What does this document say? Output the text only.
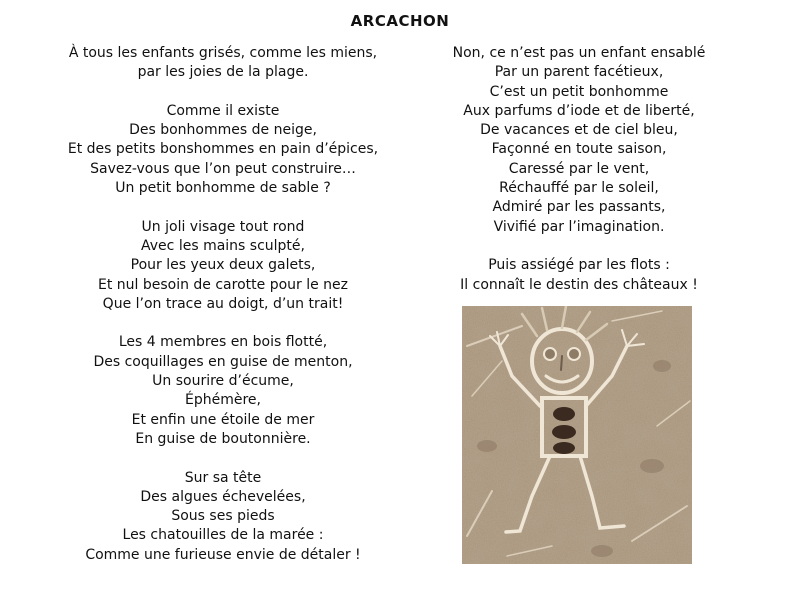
ARCACHON
À tous les enfants grisés, comme les miens,
par les joies de la plage.
Comme il existe
Des bonhommes de neige,
Et des petits bonshommes en pain d’épices,
Savez-vous que l’on peut construire…
Un petit bonhomme de sable ?
Un joli visage tout rond
Avec les mains sculpté,
Pour les yeux deux galets,
Et nul besoin de carotte pour le nez
Que l’on trace au doigt, d’un trait!
Les 4 membres en bois flotté,
Des coquillages en guise de menton,
Un sourire d’écume,
Éphémère,
Et enfin une étoile de mer
En guise de boutonnière.
Sur sa tête
Des algues échevelées,
Sous ses pieds
Les chatouilles de la marée :
Comme une furieuse envie de détaler !
Non, ce n’est pas un enfant ensablé
Par un parent facétieux,
C’est un petit bonhomme
Aux parfums d’iode et de liberté,
De vacances et de ciel bleu,
Façonné en toute saison,
Caressé par le vent,
Réchauffé par le soleil,
Admiré par les passants,
Vivifié par l’imagination.
Puis assiégé par les flots :
Il connaît le destin des châteaux !
